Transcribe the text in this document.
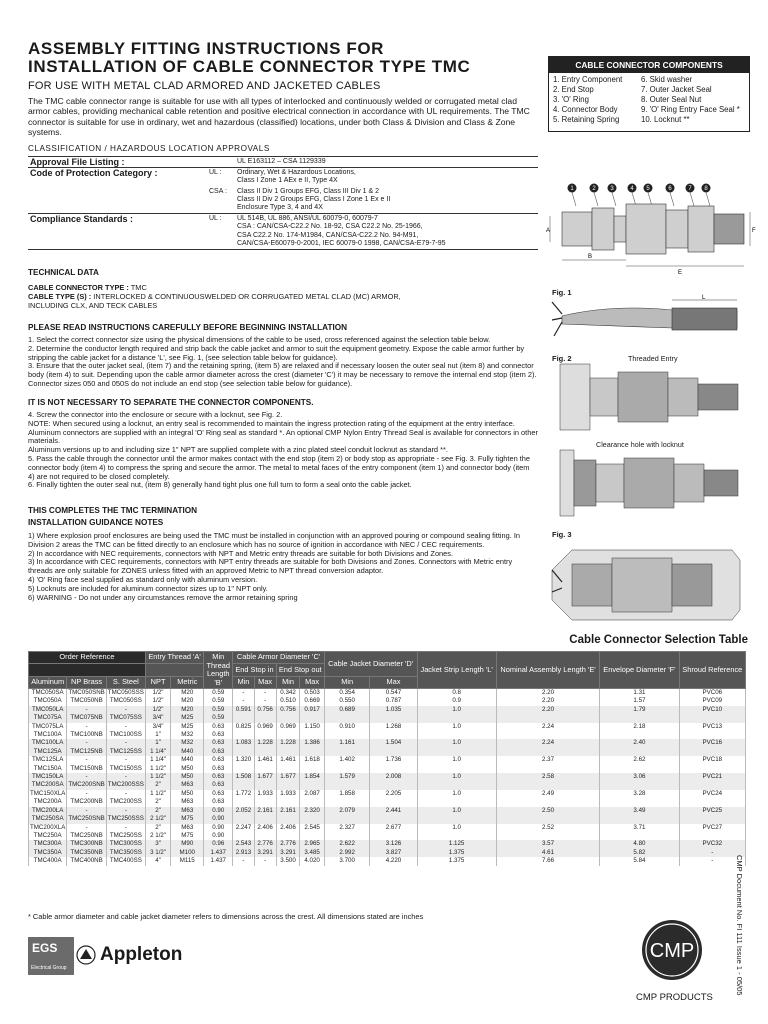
ASSEMBLY FITTING INSTRUCTIONS FOR
INSTALLATION OF CABLE CONNECTOR TYPE TMC
FOR USE WITH METAL CLAD ARMORED AND JACKETED CABLES
The TMC cable connector range is suitable for use with all types of interlocked and continuously welded or corrugated metal clad armor cables, providing mechanical cable retention and positive electrical connection in accordance with UL requirements. The TMC connector is suitable for use in ordinary, wet and hazardous (classified) locations, under both Class & Division and Class & Zone systems.
CLASSIFICATION / HAZARDOUS LOCATION APPROVALS
Approval File Listing :		UL E163112 – CSA 1129339

Code of Protection Category :	UL :	Ordinary, Wet & Hazardous Locations,
Class I Zone 1 AEx e II, Type 4X

	CSA :	Class II Div 1 Groups EFG, Class III Div 1 & 2
Class II Div 2 Groups EFG, Class I Zone 1 Ex e II
Enclosure Type 3, 4 and 4X

Compliance Standards :	UL :	UL 514B, UL 886, ANSI/UL 60079-0, 60079-7
CSA : CAN/CSA-C22.2 No. 18-92, CSA C22.2 No. 25-1966,
CSA C22.2 No. 174-M1984, CAN/CSA-C22.2 No. 94-M91,
CAN/CSA-E60079-0-2001, IEC 60079-0 1998, CAN/CSA-E79-7-95
CABLE CONNECTOR COMPONENTS
1. Entry Component	6. Skid washer
2. End Stop	7. Outer Jacket Seal
3. 'O' Ring	8. Outer Seal Nut
4. Connector Body	9. 'O' Ring Entry Face Seal *
5. Retaining Spring	10. Locknut **
1	2 3	4 5	6	7 8
A	F
B
E
TECHNICAL DATA
CABLE CONNECTOR TYPE : TMC
CABLE TYPE (S) : INTERLOCKED & CONTINUOUSWELDED OR CORRUGATED METAL CLAD (MC) ARMOR,
INCLUDING CLX, AND TECK CABLES
PLEASE READ INSTRUCTIONS CAREFULLY BEFORE BEGINNING INSTALLATION
1. Select the correct connector size using the physical dimensions of the cable to be used, cross referenced against the selection table below.
2. Determine the conductor length required and strip back the cable jacket and armor to suit the equipment geometry. Expose the cable armor further by stripping the cable jacket for a distance 'L', see Fig. 1, (see selection table below for guidance).
3. Ensure that the outer jacket seal, (item 7) and the retaining spring, (item 5) are relaxed and if necessary loosen the outer seal nut (item 8) and connector body (item 4) to suit. Depending upon the cable armor diameter across the crest (diameter 'C') it may be necessary to remove the internal end stop (item 2). Connector sizes 050 and 050S do not include an end stop (see selection table below for guidance).
IT IS NOT NECESSARY TO SEPARATE THE CONNECTOR COMPONENTS.
4. Screw the connector into the enclosure or secure with a locknut, see Fig. 2.
NOTE: When secured using a locknut, an entry seal is recommended to maintain the ingress protection rating of the equipment at the entry interface. Aluminum connectors are supplied with an integral 'O' Ring seal as standard *. An optional CMP Nylon Entry Thread Seal is available for connectors in other materials.
Aluminum versions up to and including size 1" NPT are supplied complete with a zinc plated steel conduit locknut as standard **.
5. Pass the cable through the connector until the armor makes contact with the end stop (item 2) or body stop as appropriate - see Fig. 3. Fully tighten the connector body (item 4) to compress the spring and secure the armor. The metal to metal faces of the entry component (item 1) and connector body (item 4) are not required to be closed completely.
6. Finally tighten the outer seal nut, (item 8) generally hand tight plus one full turn to form a seal onto the cable jacket.
THIS COMPLETES THE TMC TERMINATION
INSTALLATION GUIDANCE NOTES
1) Where explosion proof enclosures are being used the TMC must be installed in conjunction with an approved pouring or compound sealing fitting. In Division 2 areas the TMC can be fitted directly to an enclosure which has no source of ignition in accordance with NEC / CEC requirements.
2) In accordance with NEC requirements, connectors with NPT and Metric entry threads are suitable for both Divisions and Zones.
3) In accordance with CEC requirements, connectors with NPT entry threads are suitable for both Divisions and Zones. Connectors with Metric entry threads are only suitable for ZONES unless fitted with an approved Metric to NPT thread conversion adaptor.
4) 'O' Ring face seal supplied as standard only with aluminum version.
5) Locknuts are included for aluminum connector sizes up to 1" NPT only.
6) WARNING - Do not under any circumstances remove the armor retaining spring
Fig. 1
L
Fig. 2	Threaded Entry
Clearance hole with locknut
Fig. 3
Cable Connector Selection Table
Order Reference			Entry Thread 'A'		Min Thread Length 'B'	Cable Armor Diameter 'C'				Cable Jacket Diameter 'D'		Jacket Strip Length 'L'	Nominal Assembly Length 'E'	Envelope Diameter 'F'	Shroud Reference
						End Stop in		End Stop out							
Aluminum	NP Brass	S. Steel	NPT	Metric		Min	Max	Min	Max	Min	Max				
TMC050SA	TMC050SNB	TMC050SSS	1/2"	M20	0.59	-	-	0.342	0.503	0.354	0.547	0.8	2.20	1.31	PVC06
TMC050A	TMC050NB	TMC050SS	1/2"	M20	0.59	-	-	0.510	0.669	0.550	0.787	0.9	2.20	1.57	PVC09
TMC050LA	-	-	1/2"	M20	0.59	0.591	0.756	0.756	0.917	0.689	1.035	1.0	2.20	1.79	PVC10
TMC075A	TMC075NB	TMC075SS	3/4"	M25	0.59										
TMC075LA	-	-	3/4"	M25	0.63	0.825	0.969	0.969	1.150	0.910	1.268	1.0	2.24	2.18	PVC13
TMC100A	TMC100NB	TMC100SS	1"	M32	0.63										
TMC100LA	-	-	1"	M32	0.63	1.083	1.228	1.228	1.386	1.161	1.504	1.0	2.24	2.40	PVC16
TMC125A	TMC125NB	TMC125SS	1 1/4"	M40	0.63										
TMC125LA	-	-	1 1/4"	M40	0.63	1.320	1.461	1.461	1.618	1.402	1.736	1.0	2.37	2.62	PVC18
TMC150A	TMC150NB	TMC150SS	1 1/2"	M50	0.63										
TMC150LA	-	-	1 1/2"	M50	0.63	1.508	1.677	1.677	1.854	1.579	2.008	1.0	2.58	3.06	PVC21
TMC200SA	TMC200SNB	TMC200SSS	2"	M63	0.63										
TMC150XLA	-	-	1 1/2"	M50	0.63	1.772	1.933	1.933	2.087	1.858	2.205	1.0	2.49	3.28	PVC24
TMC200A	TMC200NB	TMC200SS	2"	M63	0.63										
TMC200LA	-	-	2"	M63	0.90	2.052	2.161	2.161	2.320	2.079	2.441	1.0	2.50	3.49	PVC25
TMC250SA	TMC250SNB	TMC250SSS	2 1/2"	M75	0.90										
TMC200XLA	-	-	2"	M63	0.90	2.247	2.406	2.406	2.545	2.327	2.677	1.0	2.52	3.71	PVC27
TMC250A	TMC250NB	TMC250SS	2 1/2"	M75	0.90										
TMC300A	TMC300NB	TMC300SS	3"	M90	0.96	2.543	2.776	2.776	2.965	2.622	3.126	1.125	3.57	4.80	PVC32
TMC350A	TMC350NB	TMC350SS	3 1/2"	M100	1.437	2.913	3.291	3.291	3.485	2.992	3.827	1.375	4.61	5.82	-
TMC400A	TMC400NB	TMC400SS	4"	M115	1.437	-	-	3.500	4.020	3.700	4.220	1.375	7.66	5.84	-
* Cable armor diameter and cable jacket diameter refers to dimensions across the crest. All dimensions stated are inches
EGS
Electrical Group
Appleton	CMP
CMP PRODUCTS
CMP Document No. FI 111 Issue 1 - 05/05
